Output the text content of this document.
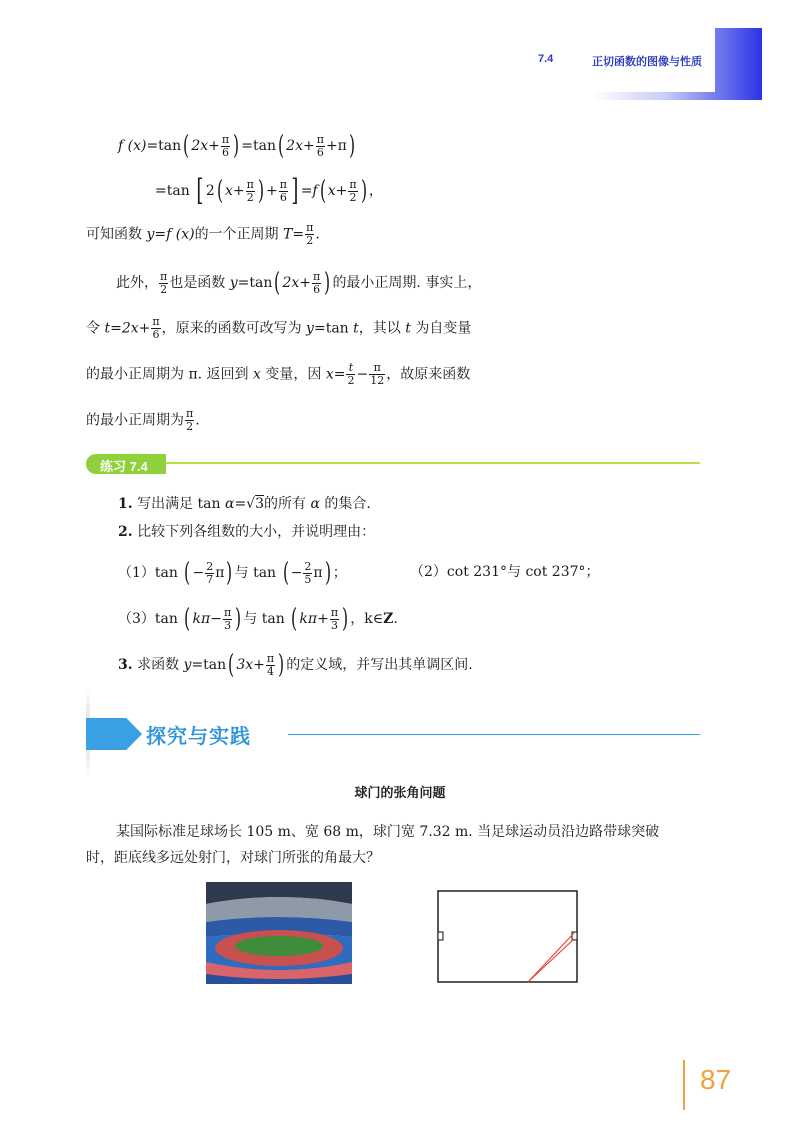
7.4	正切函数的图像与性质
f (x)=tan( $2x+ \frac{\pi}{6}$ ) =tan( $2x+ \frac{\pi}{6} +\pi$)
=tan [ 2( $x+ \frac{\pi}{2}$ ) + $\frac{\pi}{6}$ ] =f( $x+ \frac{\pi}{2}$ ) ，
可知函数 y=f (x)的一个正周期 $T= \frac{\pi}{2}$ .
此外， $\frac{\pi}{2}$ 也是函数 y=tan( $2x+ \frac{\pi}{6}$ ) 的最小正周期. 事实上，
令 $t=2x+ \frac{\pi}{6}$ ，原来的函数可改写为 y=tan t，其以 t 为自变量
的最小正周期为 π. 返回到 x 变量，因 $x= \frac{t}{2} - \frac{\pi}{12}$ ，故原来函数
的最小正周期为 $\frac{\pi}{2}$ .
练习 7.4
1. 写出满足 tan α=√3的所有 α 的集合.
2. 比较下列各组数的大小，并说明理由：
（1）tan ( − $\frac{2}{7} \pi$) 与 tan ( − $\frac{2}{5} \pi$) ；	（2）cot 231°与 cot 237°；
（3）tan ( $k\pi- \frac{\pi}{3}$ ) 与 tan ( $k\pi+ \frac{\pi}{3}$ ) ，k∈Z.
3. 求函数 y=tan( $3x+ \frac{\pi}{4}$ ) 的定义域，并写出其单调区间.
探究与实践
球门的张角问题
某国际标准足球场长 105 m、宽 68 m，球门宽 7.32 m. 当足球运动员沿边路带球突破
时，距底线多远处射门，对球门所张的角最大？
87
